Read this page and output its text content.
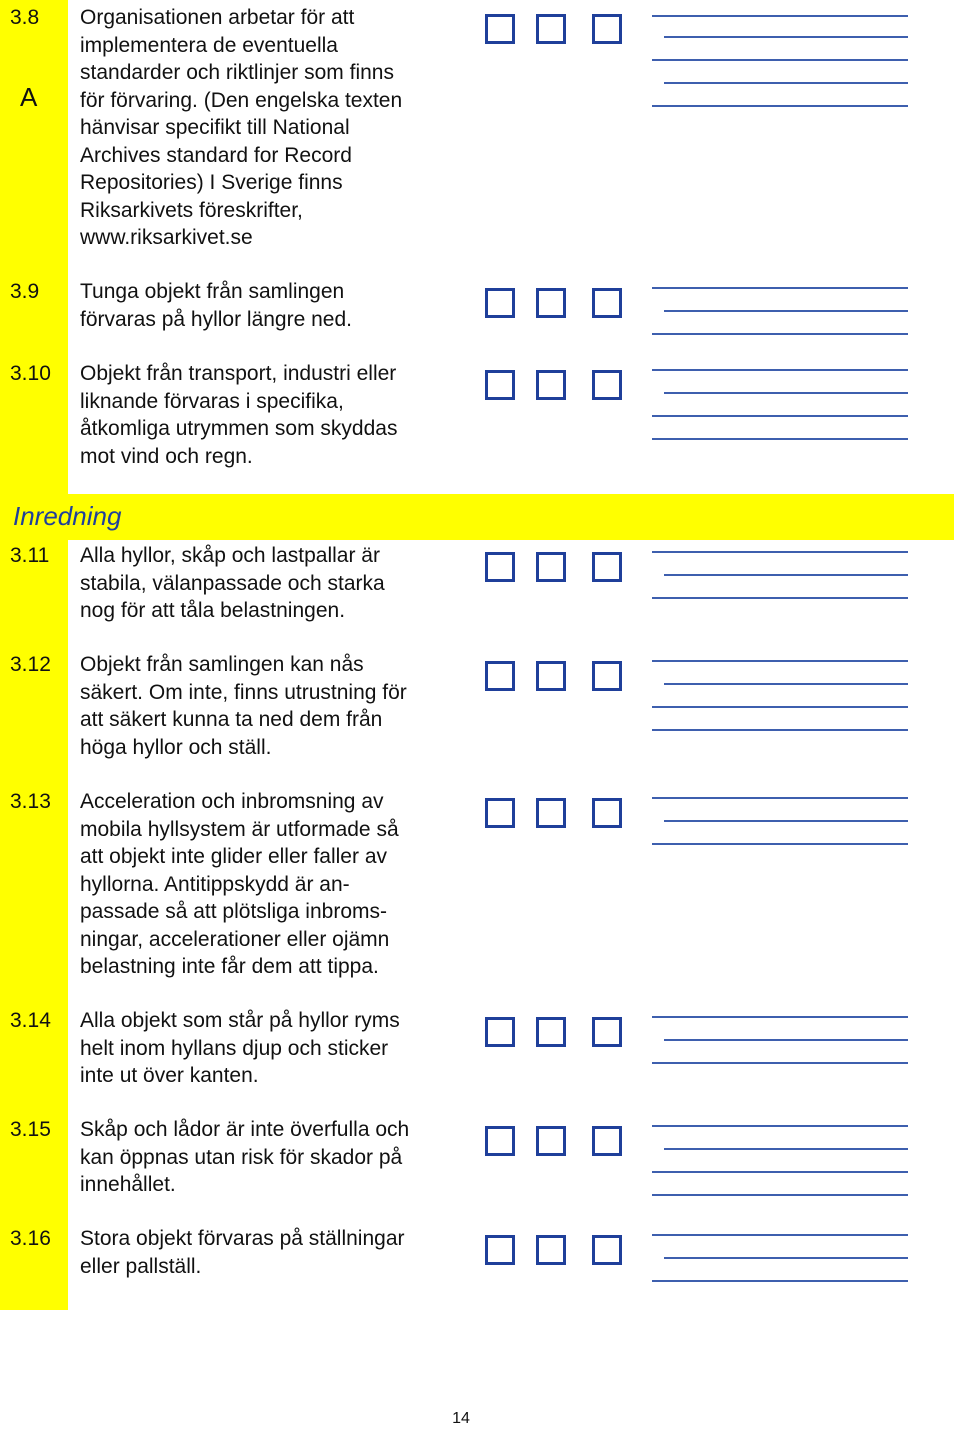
Inredning
3.8
A
Organisationen arbetar för att
implementera de eventuella
standarder och riktlinjer som finns
för förvaring. (Den engelska texten
hänvisar specifikt till National
Archives standard for Record
Repositories) I Sverige finns
Riksarkivets föreskrifter,
www.riksarkivet.se
3.9 Tunga objekt från samlingen
förvaras på hyllor längre ned.
3.10 Objekt från transport, industri eller
liknande förvaras i specifika,
åtkomliga utrymmen som skyddas
mot vind och regn.
3.11 Alla hyllor, skåp och lastpallar är
stabila, välanpassade och starka
nog för att tåla belastningen.
3.12 Objekt från samlingen kan nås
säkert. Om inte, finns utrustning för
att säkert kunna ta ned dem från
höga hyllor och ställ.
3.13 Acceleration och inbromsning av
mobila hyllsystem är utformade så
att objekt inte glider eller faller av
hyllorna. Antitippskydd är an-
passade så att plötsliga inbroms-
ningar, accelerationer eller ojämn
belastning inte får dem att tippa.
3.14 Alla objekt som står på hyllor ryms
helt inom hyllans djup och sticker
inte ut över kanten.
3.15 Skåp och lådor är inte överfulla och
kan öppnas utan risk för skador på
innehållet.
3.16 Stora objekt förvaras på ställningar
eller pallställ.
14
